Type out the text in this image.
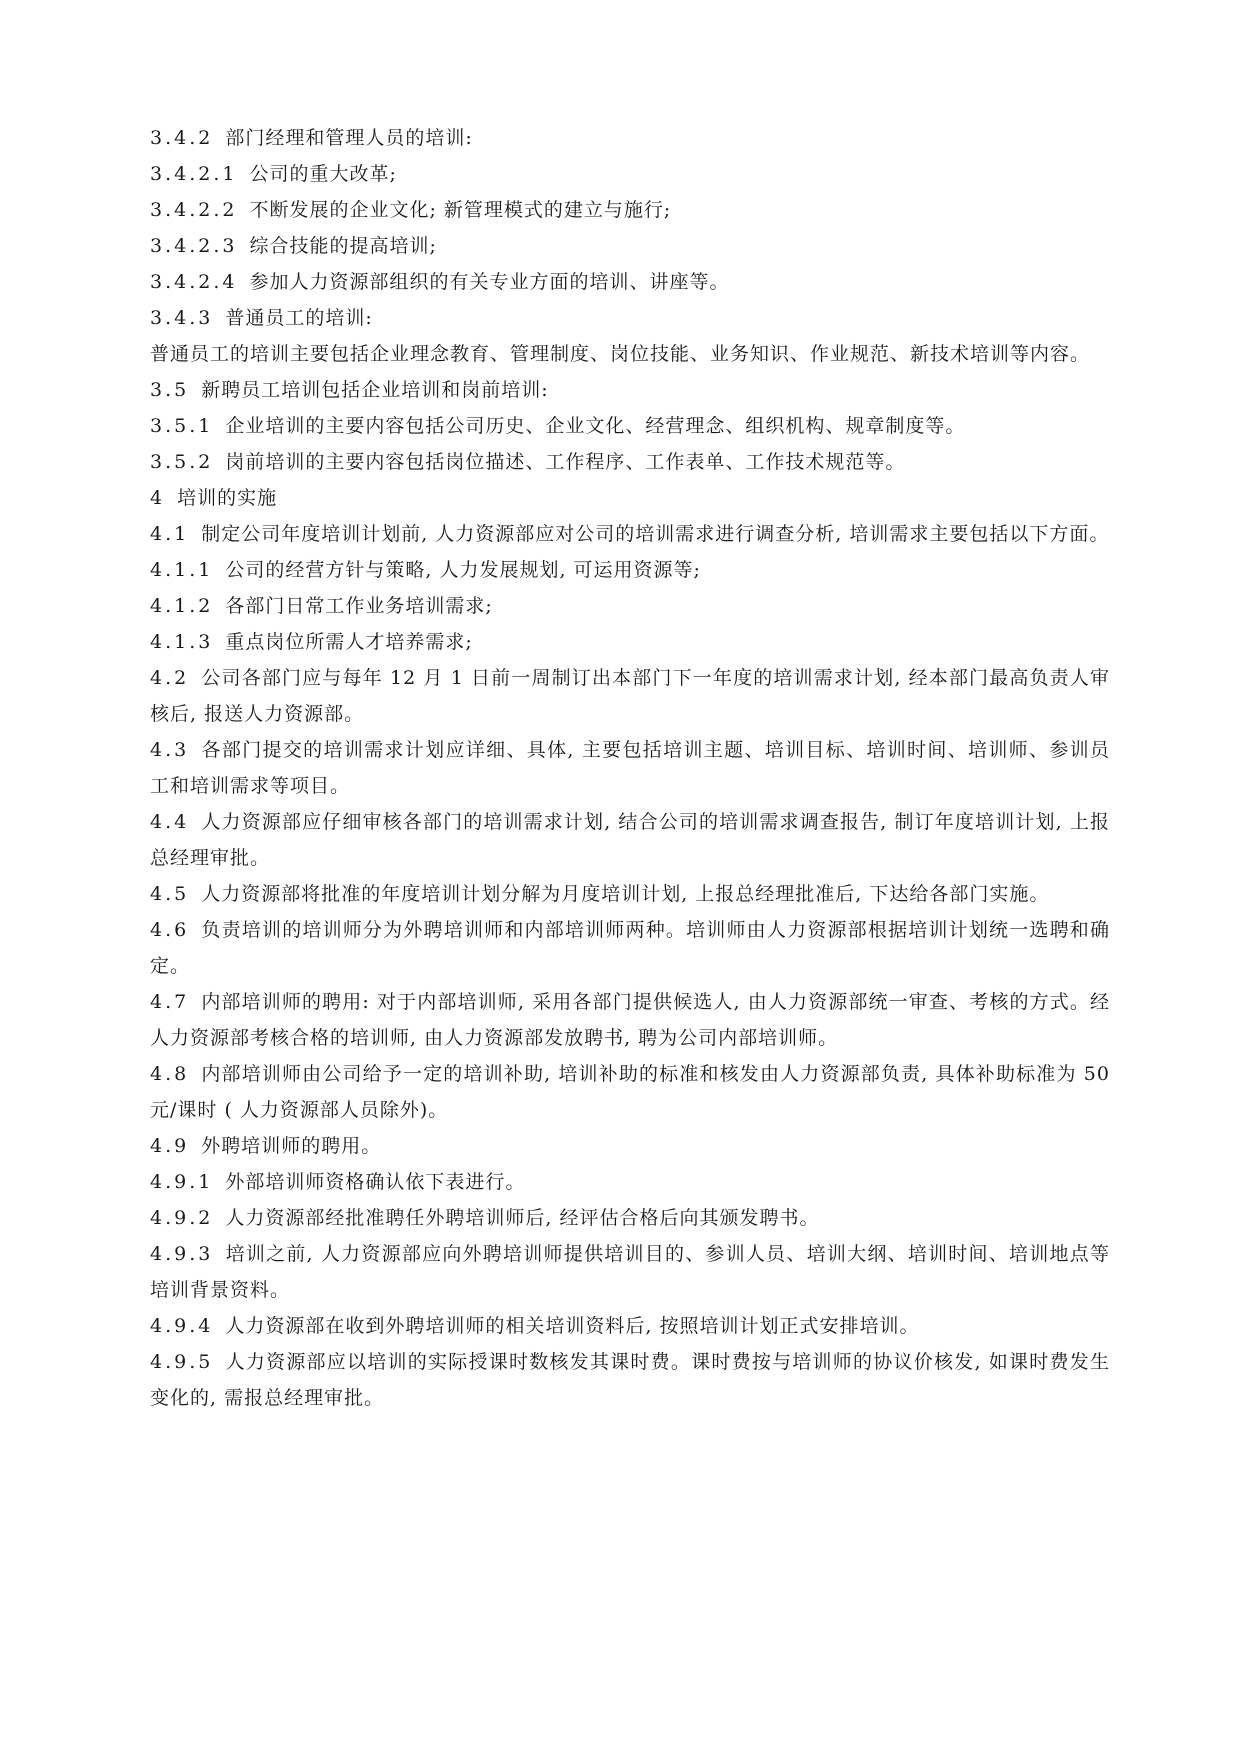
3.4.2 部门经理和管理人员的培训:

3.4.2.1 公司的重大改革;

3.4.2.2 不断发展的企业文化; 新管理模式的建立与施行;

3.4.2.3 综合技能的提高培训;

3.4.2.4 参加人力资源部组织的有关专业方面的培训、讲座等。

3.4.3 普通员工的培训:

普通员工的培训主要包括企业理念教育、管理制度、岗位技能、业务知识、作业规范、新技术培训等内容。

3.5 新聘员工培训包括企业培训和岗前培训:

3.5.1 企业培训的主要内容包括公司历史、企业文化、经营理念、组织机构、规章制度等。

3.5.2 岗前培训的主要内容包括岗位描述、工作程序、工作表单、工作技术规范等。

4 培训的实施

4.1 制定公司年度培训计划前, 人力资源部应对公司的培训需求进行调查分析, 培训需求主要包括以下方面。

4.1.1 公司的经营方针与策略, 人力发展规划, 可运用资源等;

4.1.2 各部门日常工作业务培训需求;

4.1.3 重点岗位所需人才培养需求;

4.2 公司各部门应与每年 12 月 1 日前一周制订出本部门下一年度的培训需求计划, 经本部门最高负责人审核后, 报送人力资源部。

4.3 各部门提交的培训需求计划应详细、具体, 主要包括培训主题、培训目标、培训时间、培训师、参训员工和培训需求等项目。

4.4 人力资源部应仔细审核各部门的培训需求计划, 结合公司的培训需求调查报告, 制订年度培训计划, 上报总经理审批。

4.5 人力资源部将批准的年度培训计划分解为月度培训计划, 上报总经理批准后, 下达给各部门实施。

4.6 负责培训的培训师分为外聘培训师和内部培训师两种。培训师由人力资源部根据培训计划统一选聘和确定。

4.7 内部培训师的聘用: 对于内部培训师, 采用各部门提供候选人, 由人力资源部统一审查、考核的方式。经人力资源部考核合格的培训师, 由人力资源部发放聘书, 聘为公司内部培训师。

4.8 内部培训师由公司给予一定的培训补助, 培训补助的标准和核发由人力资源部负责, 具体补助标准为 50 元/课时 ( 人力资源部人员除外)。

4.9 外聘培训师的聘用。

4.9.1 外部培训师资格确认依下表进行。

4.9.2 人力资源部经批准聘任外聘培训师后, 经评估合格后向其颁发聘书。

4.9.3 培训之前, 人力资源部应向外聘培训师提供培训目的、参训人员、培训大纲、培训时间、培训地点等培训背景资料。

4.9.4 人力资源部在收到外聘培训师的相关培训资料后, 按照培训计划正式安排培训。

4.9.5 人力资源部应以培训的实际授课时数核发其课时费。课时费按与培训师的协议价核发, 如课时费发生变化的, 需报总经理审批。
